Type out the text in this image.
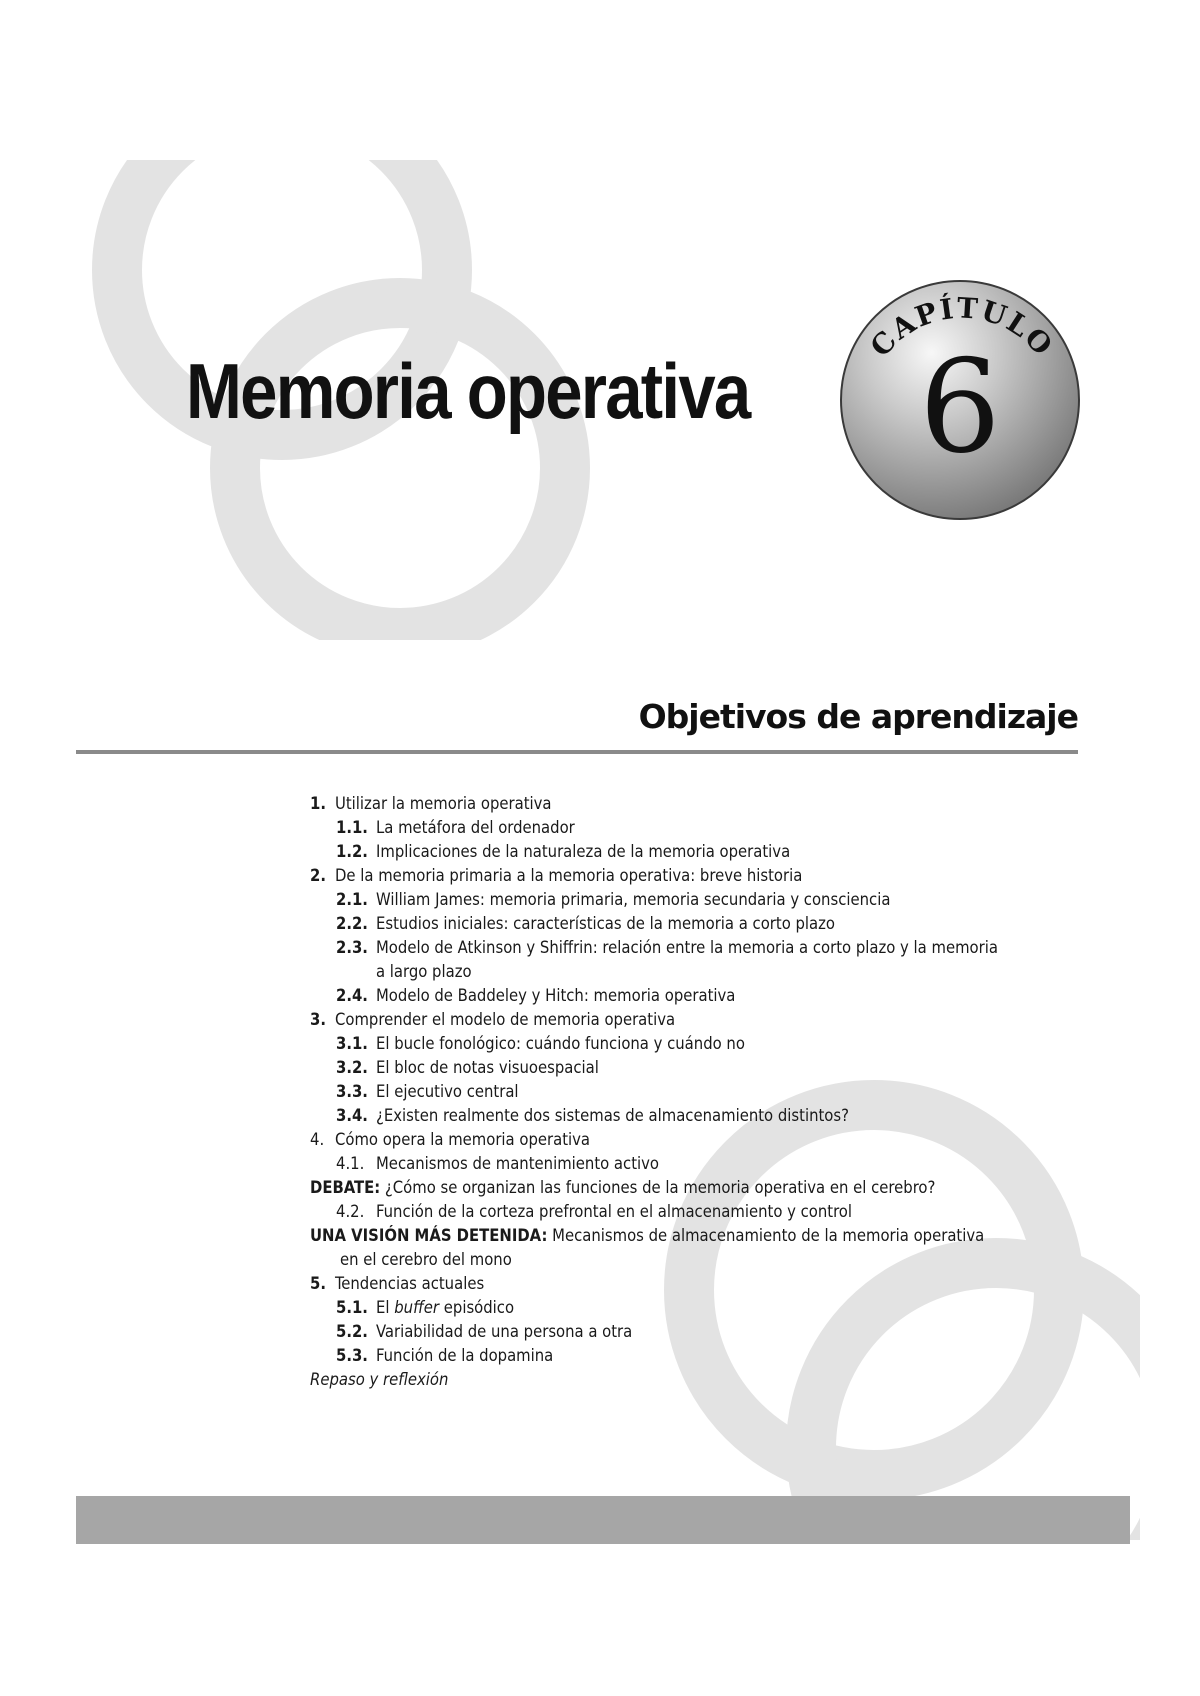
Memoria operativa
CAPÍTULO
6
Objetivos de aprendizaje
1. Utilizar la memoria operativa
1.1. La metáfora del ordenador
1.2. Implicaciones de la naturaleza de la memoria operativa
2. De la memoria primaria a la memoria operativa: breve historia
2.1. William James: memoria primaria, memoria secundaria y consciencia
2.2. Estudios iniciales: características de la memoria a corto plazo
2.3. Modelo de Atkinson y Shiffrin: relación entre la memoria a corto plazo y la memoria
a largo plazo
2.4. Modelo de Baddeley y Hitch: memoria operativa
3. Comprender el modelo de memoria operativa
3.1. El bucle fonológico: cuándo funciona y cuándo no
3.2. El bloc de notas visuoespacial
3.3. El ejecutivo central
3.4. ¿Existen realmente dos sistemas de almacenamiento distintos?
4. Cómo opera la memoria operativa
4.1. Mecanismos de mantenimiento activo
DEBATE: ¿Cómo se organizan las funciones de la memoria operativa en el cerebro?
4.2. Función de la corteza prefrontal en el almacenamiento y control
UNA VISIÓN MÁS DETENIDA: Mecanismos de almacenamiento de la memoria operativa
en el cerebro del mono
5. Tendencias actuales
5.1. El buffer episódico
5.2. Variabilidad de una persona a otra
5.3. Función de la dopamina
Repaso y reflexión
